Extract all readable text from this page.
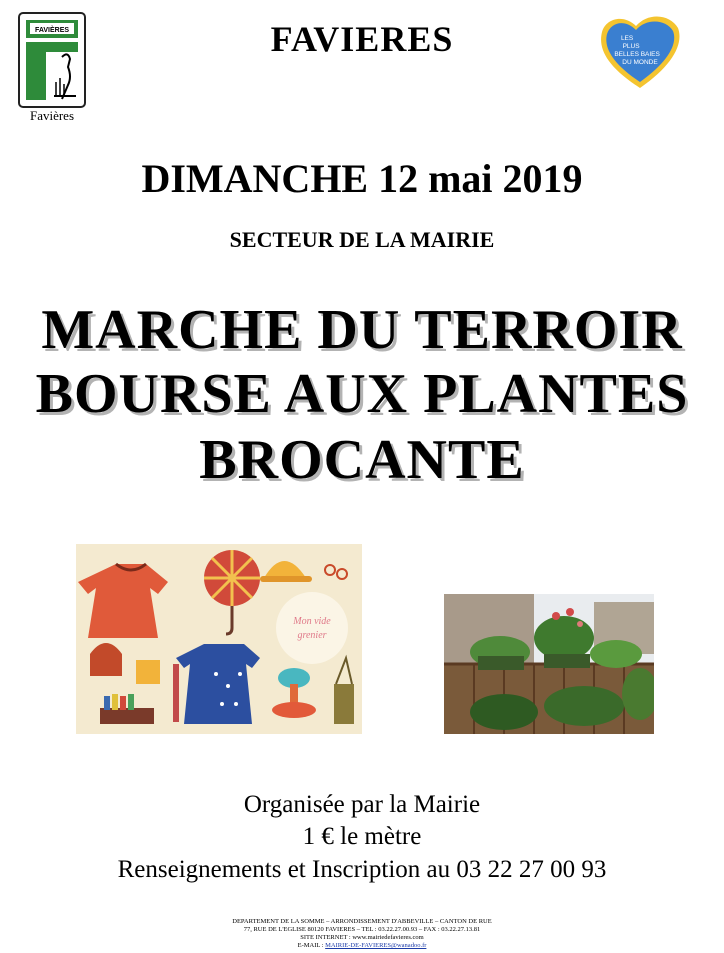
FAVIÈRES
Favières
LES PLUS BELLES BAIES DU MONDE
FAVIERES
DIMANCHE 12 mai 2019
SECTEUR DE LA MAIRIE
MARCHE DU TERROIR
BOURSE AUX PLANTES
BROCANTE
Mon vide
grenier
Organisée par la Mairie
1 € le mètre
Renseignements et Inscription au 03 22 27 00 93
DEPARTEMENT DE LA SOMME – ARRONDISSEMENT D'ABBEVILLE – CANTON DE RUE
77, RUE DE L'EGLISE 80120 FAVIERES – TEL : 03.22.27.00.93 – FAX : 03.22.27.13.81
SITE INTERNET : www.mairiedefavieres.com
E-MAIL : MAIRIE-DE-FAVIERES@wanadoo.fr
